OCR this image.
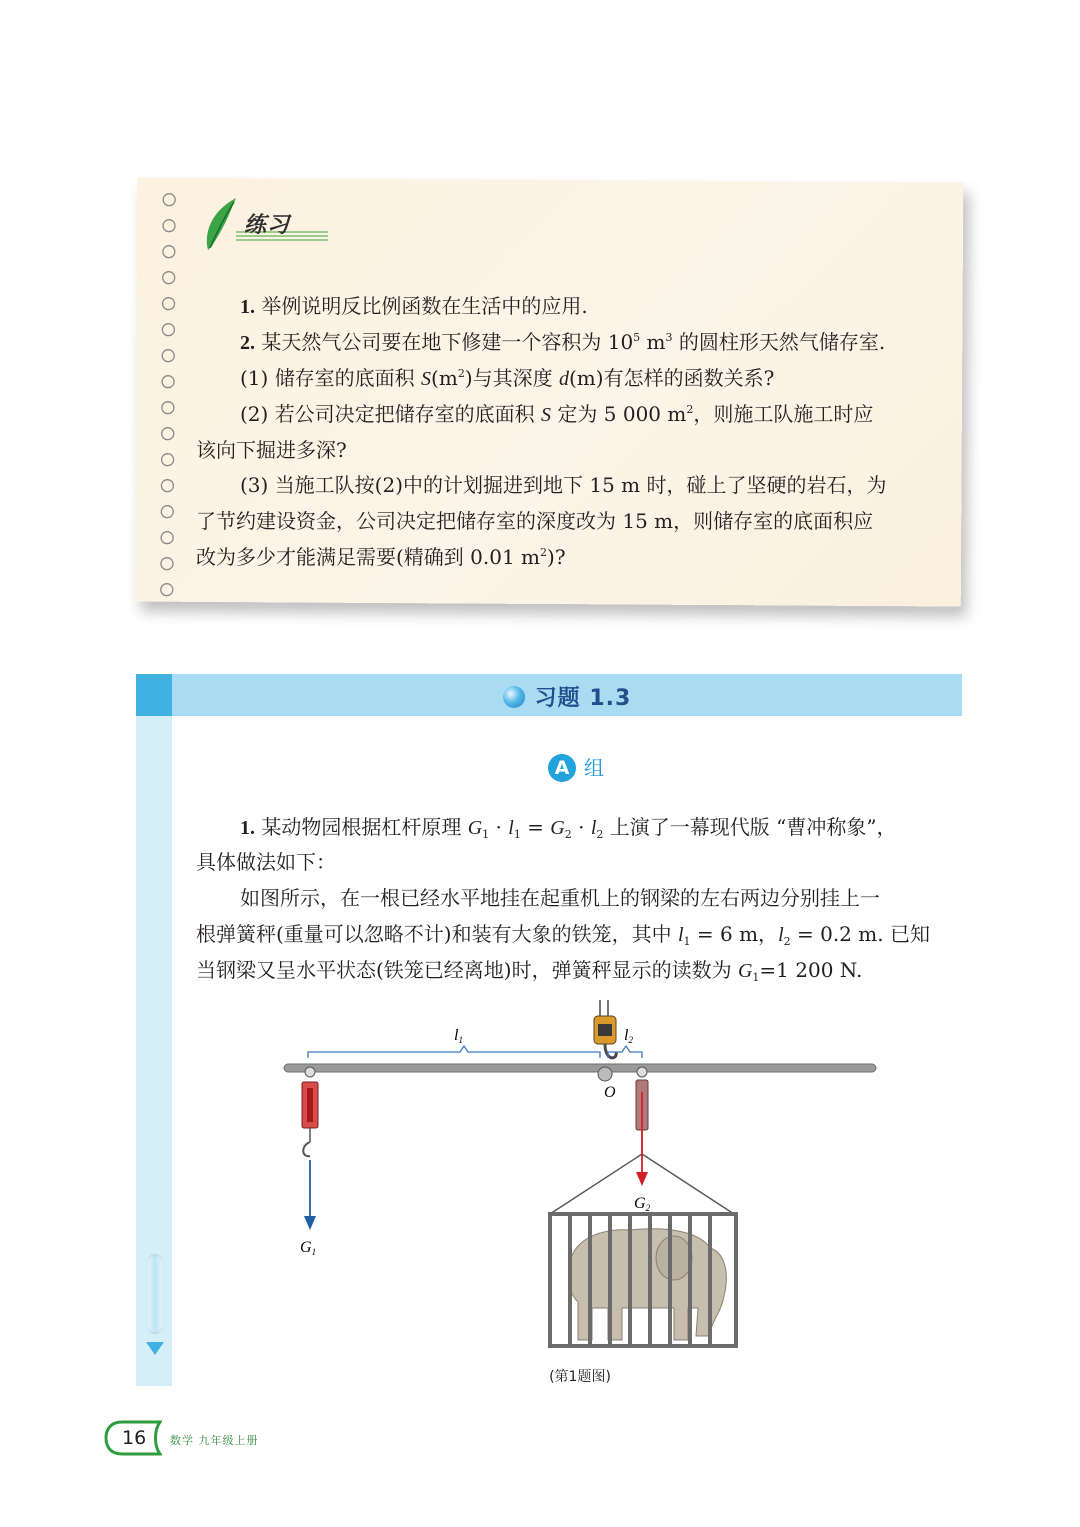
练习
1. 举例说明反比例函数在生活中的应用.
2. 某天然气公司要在地下修建一个容积为 $10^5$ $m^3$ 的圆柱形天然气储存室.
(1) 储存室的底面积 $S(m^2)$与其深度 d(m)有怎样的函数关系?
(2) 若公司决定把储存室的底面积 S 定为 5 000 $m^2$，则施工队施工时应
该向下掘进多深?
(3) 当施工队按(2)中的计划掘进到地下 15 m 时，碰上了坚硬的岩石，为
了节约建设资金，公司决定把储存室的深度改为 15 m，则储存室的底面积应
改为多少才能满足需要(精确到 0.01 $m^2$)?
习题 1.3
A 组
1. 某动物园根据杠杆原理 $G_1 \cdot l_1 = G_2 \cdot l_2$ 上演了一幕现代版 “曹冲称象”，
具体做法如下：
如图所示，在一根已经水平地挂在起重机上的钢梁的左右两边分别挂上一
根弹簧秤(重量可以忽略不计)和装有大象的铁笼，其中 $l_1 = 6$ m，$l_2 = 0.2$ m. 已知
当钢梁又呈水平状态(铁笼已经离地)时，弹簧秤显示的读数为 $G_1=1$ 200 N.
l1	l2
O
G1
G2
(第1题图)
16 数学 九年级上册
